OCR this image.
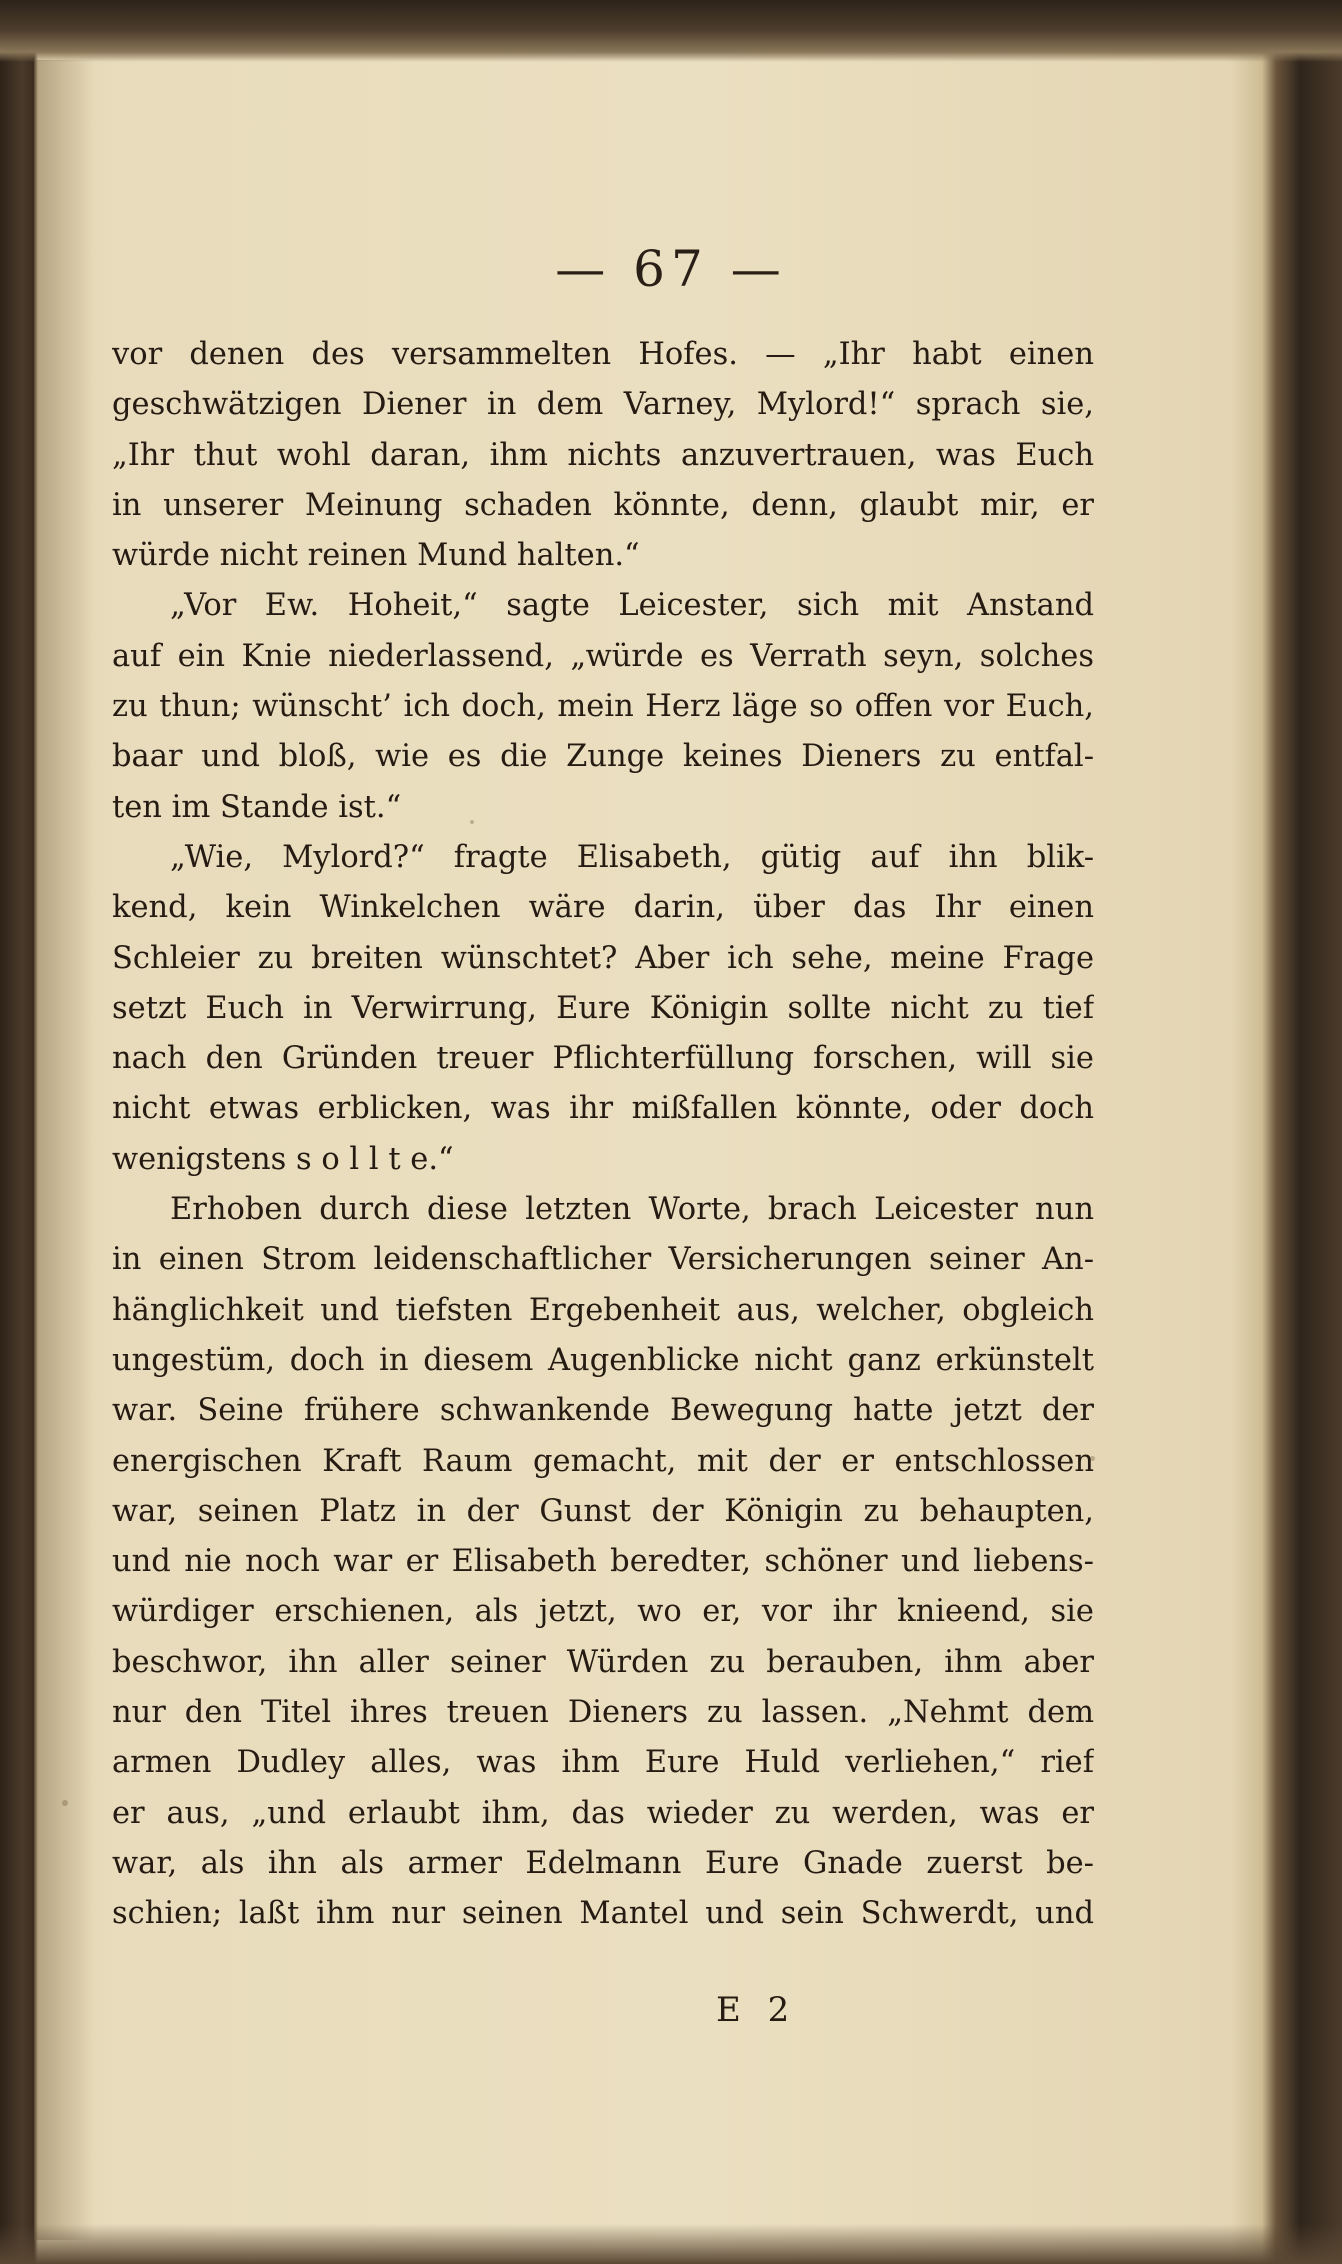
— 67 —
vor denen des versammelten Hofes. — „Ihr habt einen
geschwätzigen Diener in dem Varney, Mylord!“ sprach sie,
„Ihr thut wohl daran, ihm nichts anzuvertrauen, was Euch
in unserer Meinung schaden könnte, denn, glaubt mir, er
würde nicht reinen Mund halten.“
„Vor Ew. Hoheit,“ sagte Leicester, sich mit Anstand
auf ein Knie niederlassend, „würde es Verrath seyn, solches
zu thun; wünscht’ ich doch, mein Herz läge so offen vor Euch,
baar und bloß, wie es die Zunge keines Dieners zu entfal-
ten im Stande ist.“
„Wie, Mylord?“ fragte Elisabeth, gütig auf ihn blik-
kend, kein Winkelchen wäre darin, über das Ihr einen
Schleier zu breiten wünschtet? Aber ich sehe, meine Frage
setzt Euch in Verwirrung, Eure Königin sollte nicht zu tief
nach den Gründen treuer Pflichterfüllung forschen, will sie
nicht etwas erblicken, was ihr mißfallen könnte, oder doch
wenigstens s o l l t e.“
Erhoben durch diese letzten Worte, brach Leicester nun
in einen Strom leidenschaftlicher Versicherungen seiner An-
hänglichkeit und tiefsten Ergebenheit aus, welcher, obgleich
ungestüm, doch in diesem Augenblicke nicht ganz erkünstelt
war. Seine frühere schwankende Bewegung hatte jetzt der
energischen Kraft Raum gemacht, mit der er entschlossen
war, seinen Platz in der Gunst der Königin zu behaupten,
und nie noch war er Elisabeth beredter, schöner und liebens-
würdiger erschienen, als jetzt, wo er, vor ihr knieend, sie
beschwor, ihn aller seiner Würden zu berauben, ihm aber
nur den Titel ihres treuen Dieners zu lassen. „Nehmt dem
armen Dudley alles, was ihm Eure Huld verliehen,“ rief
er aus, „und erlaubt ihm, das wieder zu werden, was er
war, als ihn als armer Edelmann Eure Gnade zuerst be-
schien; laßt ihm nur seinen Mantel und sein Schwerdt, und
E 2
